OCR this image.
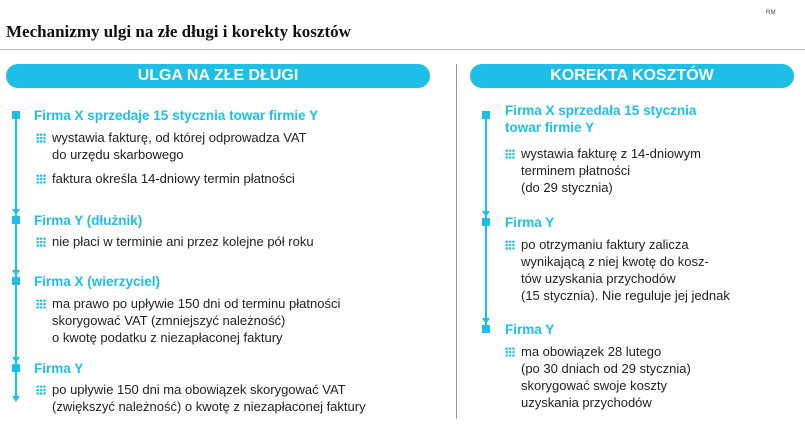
RM
Mechanizmy ulgi na złe długi i korekty kosztów
ULGA NA ZŁE DŁUGI
Firma X sprzedaje 15 stycznia towar firmie Y
wystawia fakturę, od której odprowadza VAT
do urzędu skarbowego
faktura określa 14-dniowy termin płatności
Firma Y (dłużnik)
nie płaci w terminie ani przez kolejne pół roku
Firma X (wierzyciel)
ma prawo po upływie 150 dni od terminu płatności
skorygować VAT (zmniejszyć należność)
o kwotę podatku z niezapłaconej faktury
Firma Y
po upływie 150 dni ma obowiązek skorygować VAT
(zwiększyć należność) o kwotę z niezapłaconej faktury
KOREKTA KOSZTÓW
Firma X sprzedała 15 stycznia
towar firmie Y
wystawia fakturę z 14-dniowym
terminem płatności
(do 29 stycznia)
Firma Y
po otrzymaniu faktury zalicza
wynikającą z niej kwotę do kosz-
tów uzyskania przychodów
(15 stycznia). Nie reguluje jej jednak
Firma Y
ma obowiązek 28 lutego
(po 30 dniach od 29 stycznia)
skorygować swoje koszty
uzyskania przychodów
